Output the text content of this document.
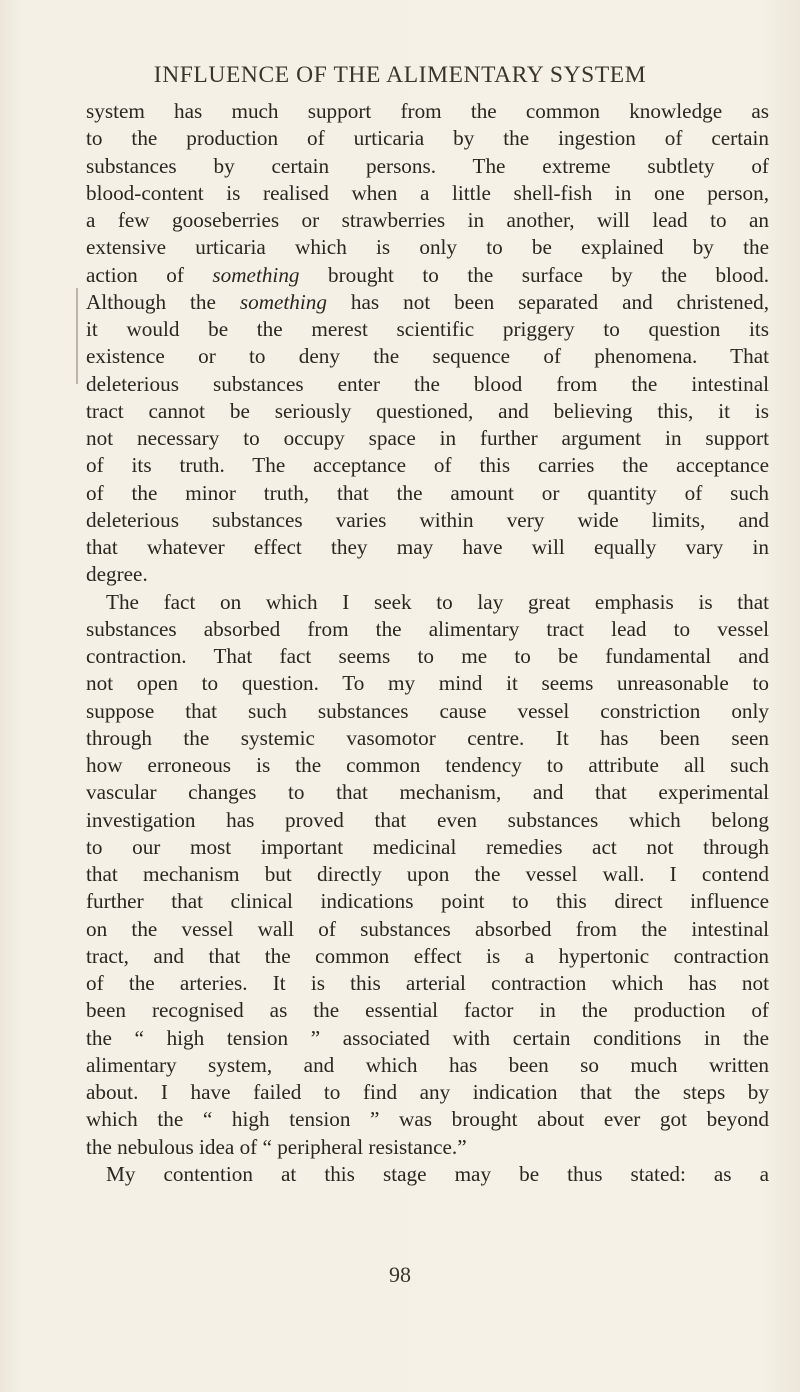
INFLUENCE OF THE ALIMENTARY SYSTEM
system has much support from the common knowledge as
to the production of urticaria by the ingestion of certain
substances by certain persons. The extreme subtlety of
blood-content is realised when a little shell-fish in one person,
a few gooseberries or strawberries in another, will lead to an
extensive urticaria which is only to be explained by the
action of something brought to the surface by the blood.
Although the something has not been separated and christened,
it would be the merest scientific priggery to question its
existence or to deny the sequence of phenomena. That
deleterious substances enter the blood from the intestinal
tract cannot be seriously questioned, and believing this, it is
not necessary to occupy space in further argument in support
of its truth. The acceptance of this carries the acceptance
of the minor truth, that the amount or quantity of such
deleterious substances varies within very wide limits, and
that whatever effect they may have will equally vary in
degree.
The fact on which I seek to lay great emphasis is that
substances absorbed from the alimentary tract lead to vessel
contraction. That fact seems to me to be fundamental and
not open to question. To my mind it seems unreasonable to
suppose that such substances cause vessel constriction only
through the systemic vasomotor centre. It has been seen
how erroneous is the common tendency to attribute all such
vascular changes to that mechanism, and that experimental
investigation has proved that even substances which belong
to our most important medicinal remedies act not through
that mechanism but directly upon the vessel wall. I contend
further that clinical indications point to this direct influence
on the vessel wall of substances absorbed from the intestinal
tract, and that the common effect is a hypertonic contraction
of the arteries. It is this arterial contraction which has not
been recognised as the essential factor in the production of
the “ high tension ” associated with certain conditions in the
alimentary system, and which has been so much written
about. I have failed to find any indication that the steps by
which the “ high tension ” was brought about ever got beyond
the nebulous idea of “ peripheral resistance.”
My contention at this stage may be thus stated: as a
98
